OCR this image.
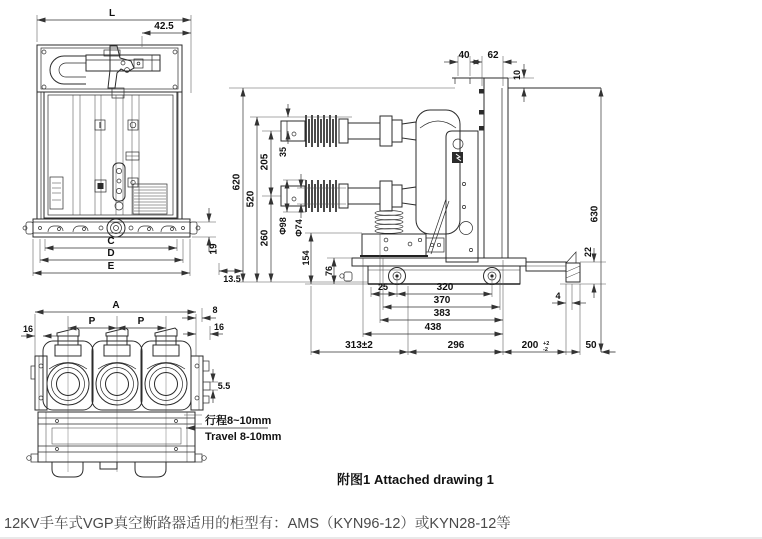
L
42.5
C
D
E
19
13.5
620
520
205
35
260
Φ98 Φ74
154
76
40 62
10
630
22
4
25	320
370
383
438
313±2	296	200 +2
-2	50
A
P	P
16
8
16
5.5
行程8~10mm
Travel 8-10mm
附图1 Attached drawing 1
12KV手车式VGP真空断路器适用的柜型有：AMS（KYN96-12）或KYN28-12等
